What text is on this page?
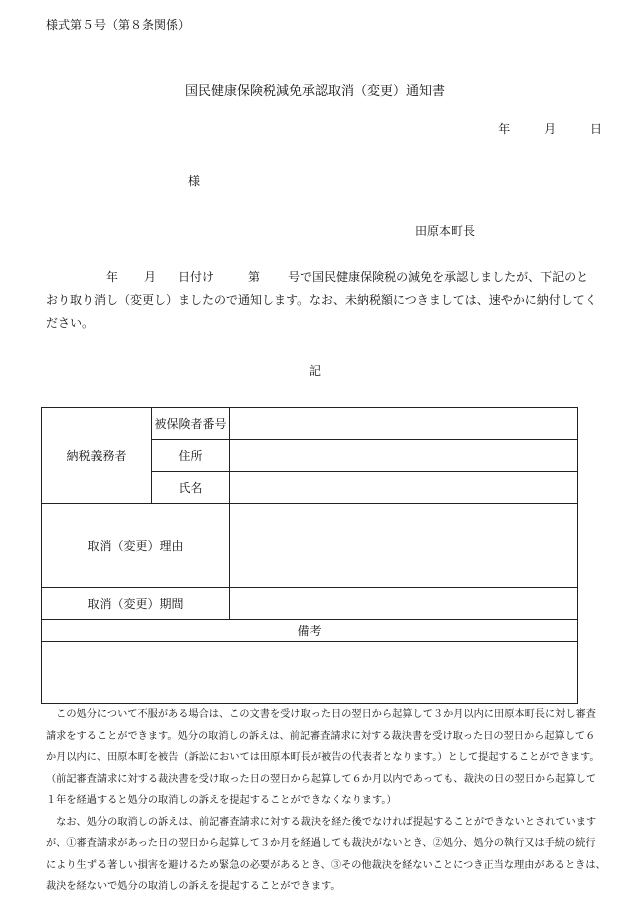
様式第５号（第８条関係）
国民健康保険税減免承認取消（変更）通知書
年	月	日
様
田原本町長
年 月 日付け	第 号で国民健康保険税の減免を承認しましたが、下記のと
おり取り消し（変更し）ましたので通知します。なお、未納税額につきましては、速やかに納付してく
ださい。
記
納税義務者	被保険者番号	
	住所	
	氏名	
取消（変更）理由		
取消（変更）期間		
備考		

　この処分について不服がある場合は、この文書を受け取った日の翌日から起算して３か月以内に田原本町長に対し審査
請求をすることができます。処分の取消しの訴えは、前記審査請求に対する裁決書を受け取った日の翌日から起算して６
か月以内に、田原本町を被告（訴訟においては田原本町長が被告の代表者となります。）として提起することができます。
（前記審査請求に対する裁決書を受け取った日の翌日から起算して６か月以内であっても、裁決の日の翌日から起算して
１年を経過すると処分の取消しの訴えを提起することができなくなります。）
　なお、処分の取消しの訴えは、前記審査請求に対する裁決を経た後でなければ提起することができないとされています
が、①審査請求があった日の翌日から起算して３か月を経過しても裁決がないとき、②処分、処分の執行又は手続の続行
により生ずる著しい損害を避けるため緊急の必要があるとき、③その他裁決を経ないことにつき正当な理由があるときは、
裁決を経ないで処分の取消しの訴えを提起することができます。
